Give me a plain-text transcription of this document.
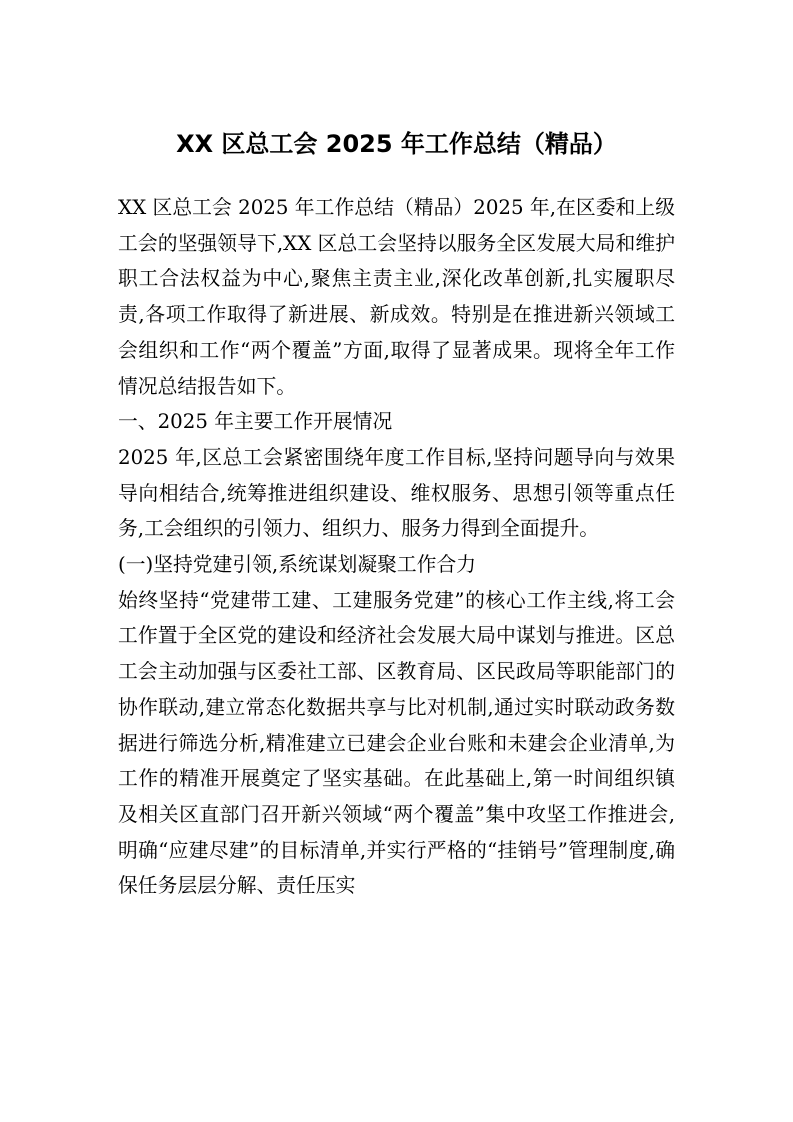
XX 区总工会 2025 年工作总结（精品）

XX 区总工会 2025 年工作总结（精品）2025 年,在区委和上级工会的坚强领导下,XX 区总工会坚持以服务全区发展大局和维护职工合法权益为中心,聚焦主责主业,深化改革创新,扎实履职尽责,各项工作取得了新进展、新成效。特别是在推进新兴领域工会组织和工作“两个覆盖”方面,取得了显著成果。现将全年工作情况总结报告如下。

一、2025 年主要工作开展情况

2025 年,区总工会紧密围绕年度工作目标,坚持问题导向与效果导向相结合,统筹推进组织建设、维权服务、思想引领等重点任务,工会组织的引领力、组织力、服务力得到全面提升。

(一)坚持党建引领,系统谋划凝聚工作合力

始终坚持“党建带工建、工建服务党建”的核心工作主线,将工会工作置于全区党的建设和经济社会发展大局中谋划与推进。区总工会主动加强与区委社工部、区教育局、区民政局等职能部门的协作联动,建立常态化数据共享与比对机制,通过实时联动政务数据进行筛选分析,精准建立已建会企业台账和未建会企业清单,为工作的精准开展奠定了坚实基础。在此基础上,第一时间组织镇及相关区直部门召开新兴领域“两个覆盖”集中攻坚工作推进会,明确“应建尽建”的目标清单,并实行严格的“挂销号”管理制度,确保任务层层分解、责任压实
